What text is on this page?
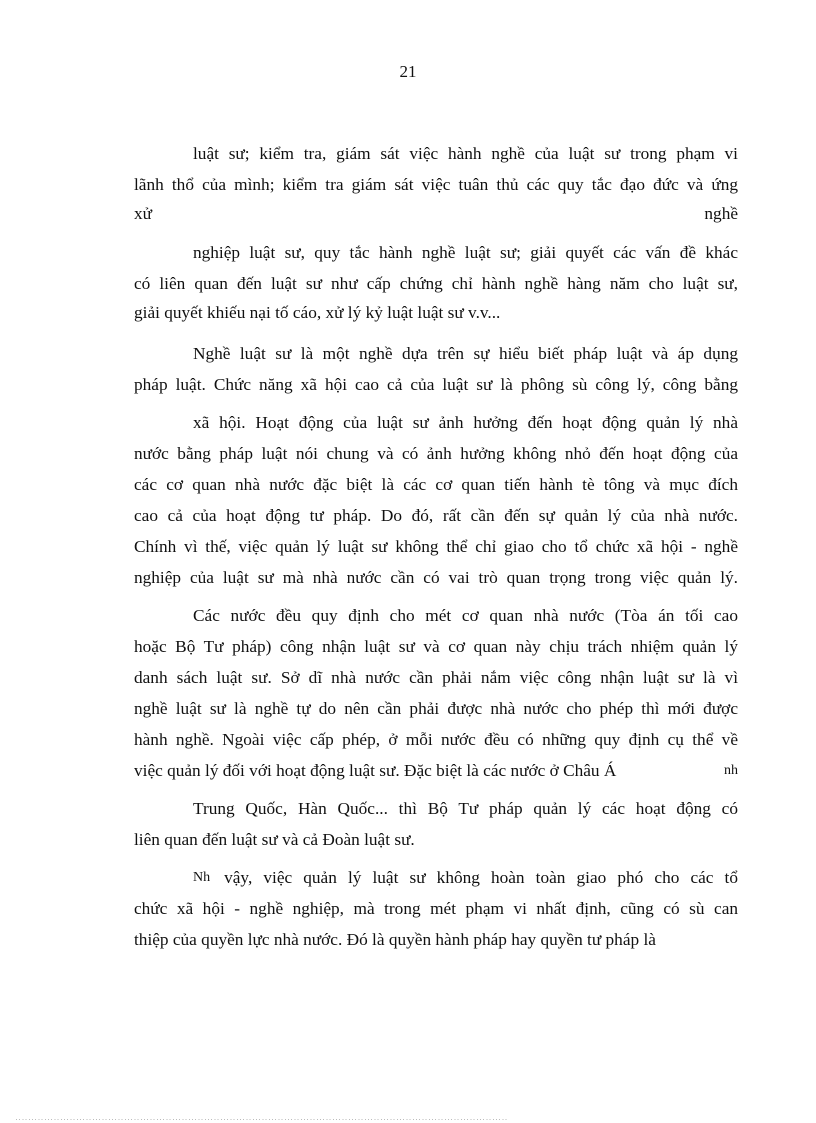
21
luật sư; kiểm tra, giám sát việc hành nghề của luật sư trong phạm vi
lãnh thổ của mình; kiểm tra giám sát việc tuân thủ các quy tắc đạo đức và ứng
xử	nghề
nghiệp luật sư, quy tắc hành nghề luật sư; giải quyết các vấn đề khác
có liên quan đến luật sư như cấp chứng chỉ hành nghề hàng năm cho luật sư,
giải quyết khiếu nại tố cáo, xử lý kỷ luật luật sư v.v...
Nghề luật sư là một nghề dựa trên sự hiểu biết pháp luật và áp dụng
pháp luật. Chức năng xã hội cao cả của luật sư là phông sù công lý, công bằng
xã hội. Hoạt động của luật sư ảnh hưởng đến hoạt động quản lý nhà
nước bằng pháp luật nói chung và có ảnh hưởng không nhỏ đến hoạt động của
các cơ quan nhà nước đặc biệt là các cơ quan tiến hành tè tông và mục đích
cao cả của hoạt động tư pháp. Do đó, rất cần đến sự quản lý của nhà nước.
Chính vì thế, việc quản lý luật sư không thể chỉ giao cho tổ chức xã hội - nghề
nghiệp của luật sư mà nhà nước cần có vai trò quan trọng trong việc quản lý.
Các nước đều quy định cho mét cơ quan nhà nước (Tòa án tối cao
hoặc Bộ Tư pháp) công nhận luật sư và cơ quan này chịu trách nhiệm quản lý
danh sách luật sư. Sở dĩ nhà nước cần phải nắm việc công nhận luật sư là vì
nghề luật sư là nghề tự do nên cần phải được nhà nước cho phép thì mới được
hành nghề. Ngoài việc cấp phép, ở mỗi nước đều có những quy định cụ thể về
việc quản lý đối với hoạt động luật sư. Đặc biệt là các nước ở Châu Á	nh
Trung Quốc, Hàn Quốc... thì Bộ Tư pháp quản lý các hoạt động có
liên quan đến luật sư và cả Đoàn luật sư.
Nh vậy, việc quản lý luật sư không hoàn toàn giao phó cho các tổ
chức xã hội - nghề nghiệp, mà trong mét phạm vi nhất định, cũng có sù can
thiệp của quyền lực nhà nước. Đó là quyền hành pháp hay quyền tư pháp là
